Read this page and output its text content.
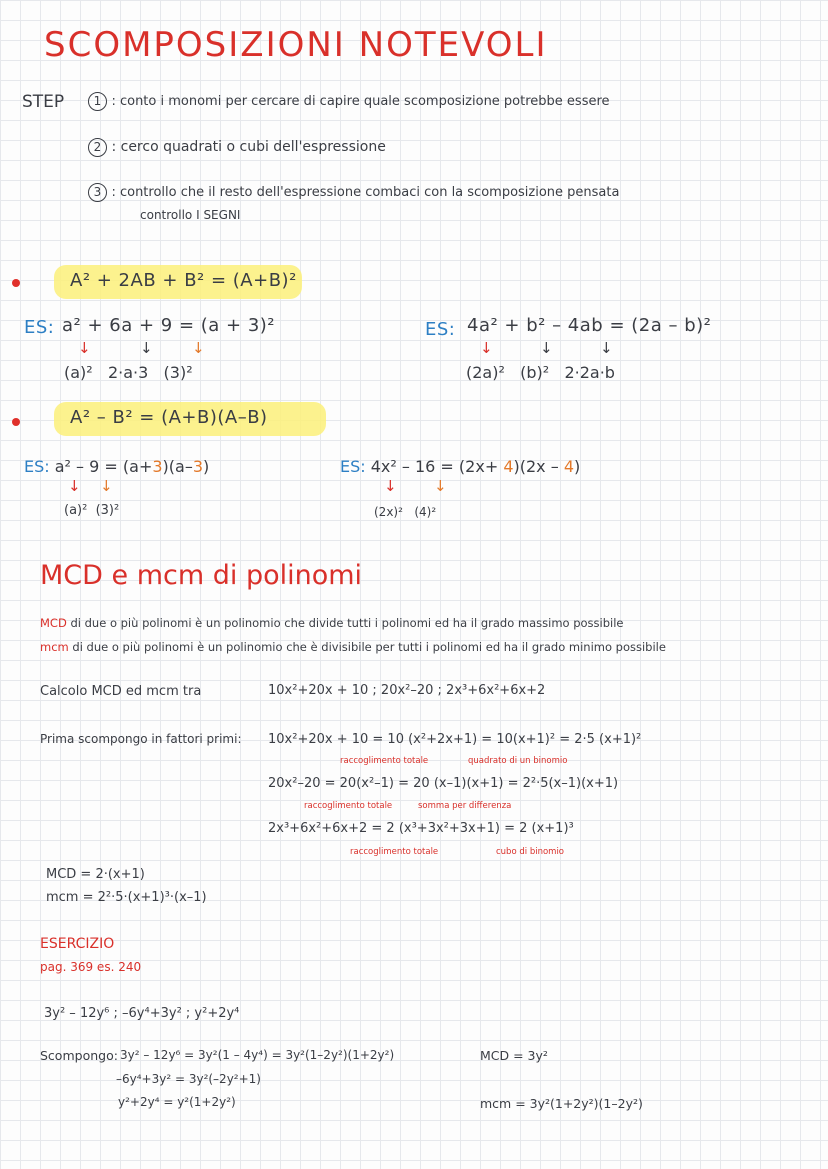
SCOMPOSIZIONI NOTEVOLI
STEP	1 : conto i monomi per cercare di capire quale scomposizione potrebbe essere
2 : cerco quadrati o cubi dell'espressione
3 : controllo che il resto dell'espressione combaci con la scomposizione pensata
controllo I SEGNI
A² + 2AB + B² = (A+B)²
ES: a² + 6a + 9 = (a + 3)²
↓	↓	↓
(a)²   2·a·3   (3)²
ES: 4a² + b² – 4ab = (2a – b)²
↓	↓	↓
(2a)²   (b)²   2·2a·b
A² – B² = (A+B)(A–B)
ES: a² – 9 = (a+3)(a–3)
↓ ↓
(a)²  (3)²
ES: 4x² – 16 = (2x+ 4)(2x – 4)
↓ ↓
(2x)²   (4)²
MCD e mcm di polinomi
MCD di due o più polinomi è un polinomio che divide tutti i polinomi ed ha il grado massimo possibile
mcm di due o più polinomi è un polinomio che è divisibile per tutti i polinomi ed ha il grado minimo possibile
Calcolo MCD ed mcm tra	10x²+20x + 10 ; 20x²–20 ; 2x³+6x²+6x+2
Prima scompongo in fattori primi: 10x²+20x + 10 = 10 (x²+2x+1) = 10(x+1)² = 2·5 (x+1)²
raccoglimento totale	quadrato di un binomio
20x²–20 = 20(x²–1) = 20 (x–1)(x+1) = 2²·5(x–1)(x+1)
raccoglimento totale	somma per differenza
2x³+6x²+6x+2 = 2 (x³+3x²+3x+1) = 2 (x+1)³
raccoglimento totale	cubo di binomio
MCD = 2·(x+1)
mcm = 2²·5·(x+1)³·(x–1)
ESERCIZIO
pag. 369 es. 240
3y² – 12y⁶ ; –6y⁴+3y² ; y²+2y⁴
Scompongo: 3y² – 12y⁶ = 3y²(1 – 4y⁴) = 3y²(1–2y²)(1+2y²)
–6y⁴+3y² = 3y²(–2y²+1)
y²+2y⁴ = y²(1+2y²)
MCD = 3y²
mcm = 3y²(1+2y²)(1–2y²)
